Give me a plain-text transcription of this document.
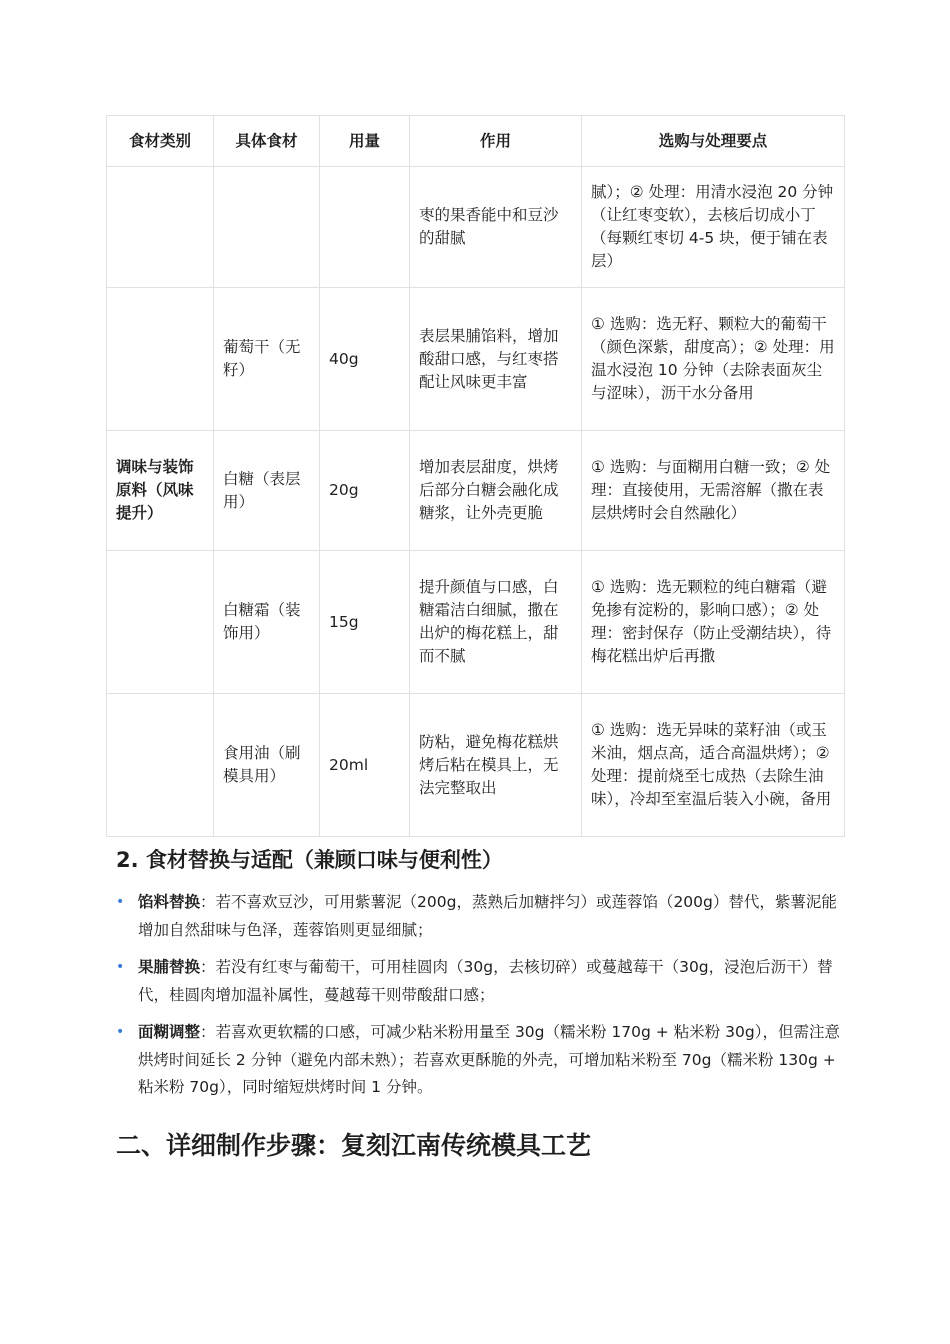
食材类别	具体食材	用量	作用	选购与处理要点
			枣的果香能中和豆沙的甜腻	腻）；② 处理：用清水浸泡 20 分钟（让红枣变软），去核后切成小丁（每颗红枣切 4-5 块，便于铺在表层）
	葡萄干（无籽）	40g	表层果脯馅料，增加酸甜口感，与红枣搭配让风味更丰富	① 选购：选无籽、颗粒大的葡萄干（颜色深紫，甜度高）；② 处理：用温水浸泡 10 分钟（去除表面灰尘与涩味），沥干水分备用
调味与装饰原料（风味提升）	白糖（表层用）	20g	增加表层甜度，烘烤后部分白糖会融化成糖浆，让外壳更脆	① 选购：与面糊用白糖一致；② 处理：直接使用，无需溶解（撒在表层烘烤时会自然融化）
	白糖霜（装饰用）	15g	提升颜值与口感，白糖霜洁白细腻，撒在出炉的梅花糕上，甜而不腻	① 选购：选无颗粒的纯白糖霜（避免掺有淀粉的，影响口感）；② 处理：密封保存（防止受潮结块），待梅花糕出炉后再撒
	食用油（刷模具用）	20ml	防粘，避免梅花糕烘烤后粘在模具上，无法完整取出	① 选购：选无异味的菜籽油（或玉米油，烟点高，适合高温烘烤）；② 处理：提前烧至七成热（去除生油味），冷却至室温后装入小碗，备用
2. 食材替换与适配（兼顾口味与便利性）
• 馅料替换：若不喜欢豆沙，可用紫薯泥（200g，蒸熟后加糖拌匀）或莲蓉馅（200g）替代，紫薯泥能增加自然甜味与色泽，莲蓉馅则更显细腻；
• 果脯替换：若没有红枣与葡萄干，可用桂圆肉（30g，去核切碎）或蔓越莓干（30g，浸泡后沥干）替代，桂圆肉增加温补属性，蔓越莓干则带酸甜口感；
• 面糊调整：若喜欢更软糯的口感，可减少粘米粉用量至 30g（糯米粉 170g + 粘米粉 30g），但需注意烘烤时间延长 2 分钟（避免内部未熟）；若喜欢更酥脆的外壳，可增加粘米粉至 70g（糯米粉 130g + 粘米粉 70g），同时缩短烘烤时间 1 分钟。
二、详细制作步骤：复刻江南传统模具工艺
